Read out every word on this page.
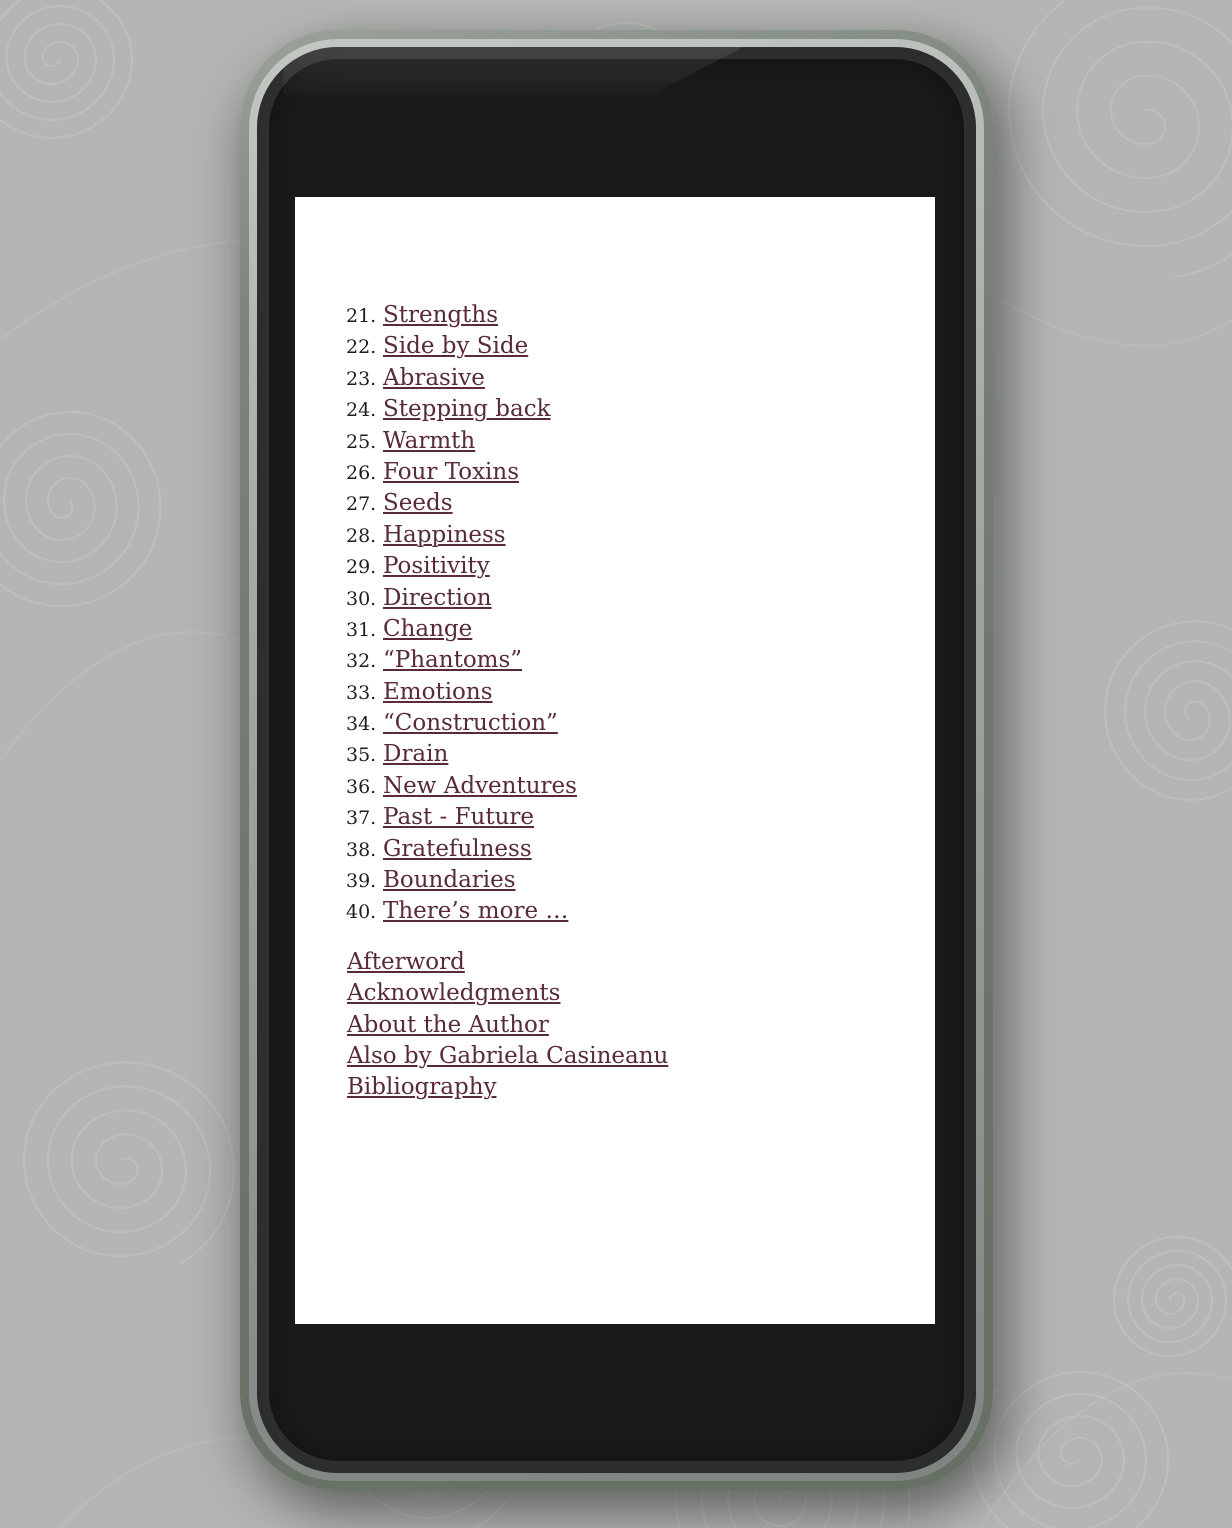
21. Strengths
22. Side by Side
23. Abrasive
24. Stepping back
25. Warmth
26. Four Toxins
27. Seeds
28. Happiness
29. Positivity
30. Direction
31. Change
32. “Phantoms”
33. Emotions
34. “Construction”
35. Drain
36. New Adventures
37. Past - Future
38. Gratefulness
39. Boundaries
40. There’s more …
Afterword
Acknowledgments
About the Author
Also by Gabriela Casineanu
Bibliography
